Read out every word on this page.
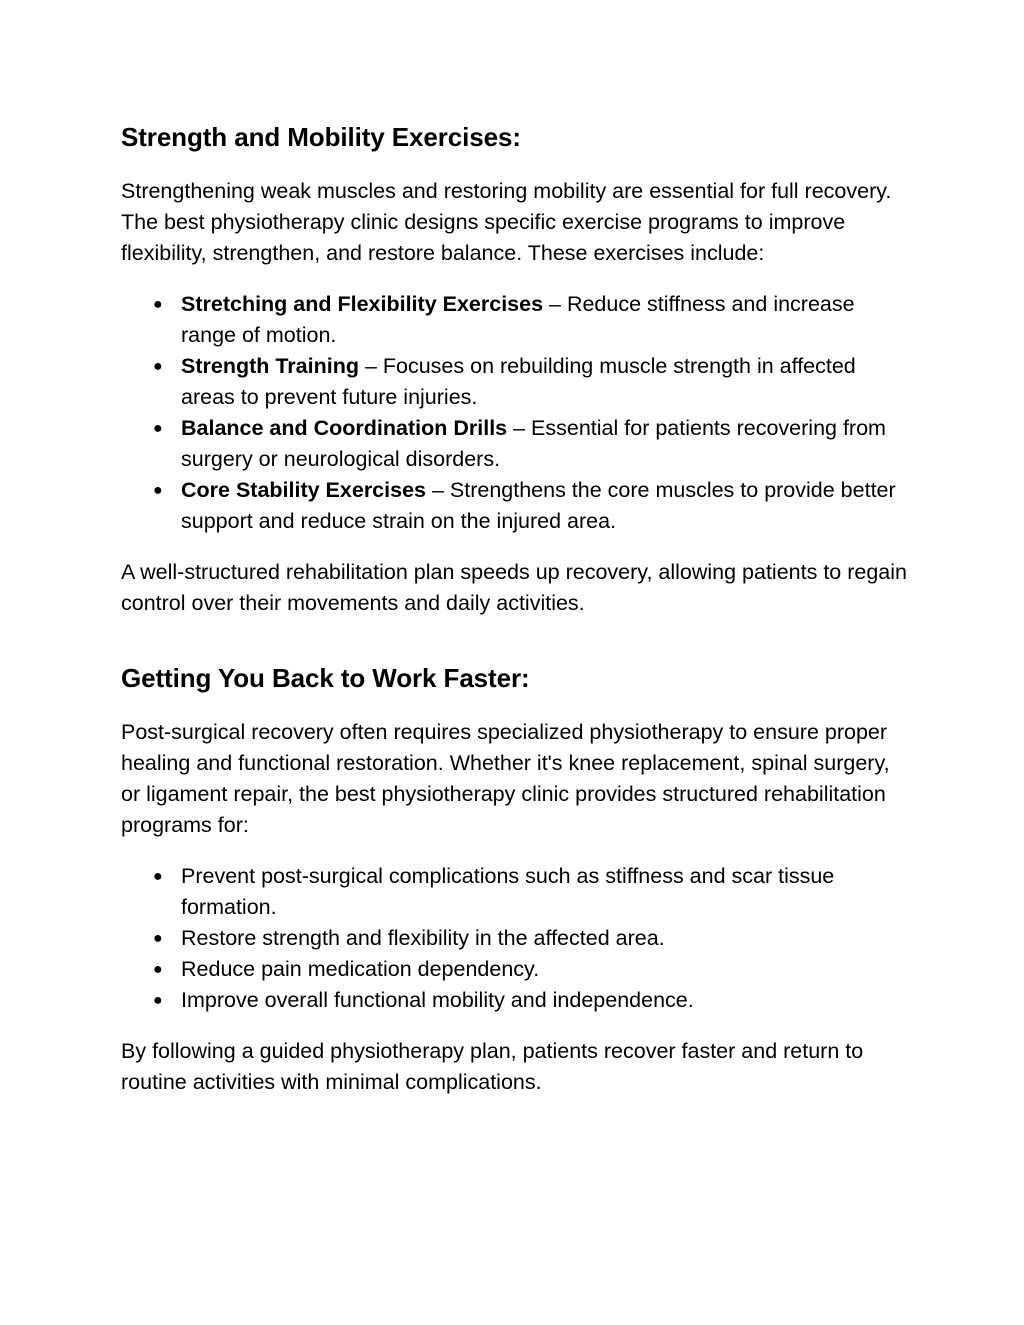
Strength and Mobility Exercises:

Strengthening weak muscles and restoring mobility are essential for full recovery. The best physiotherapy clinic designs specific exercise programs to improve flexibility, strengthen, and restore balance. These exercises include:

● Stretching and Flexibility Exercises – Reduce stiffness and increase range of motion.
● Strength Training – Focuses on rebuilding muscle strength in affected areas to prevent future injuries.
● Balance and Coordination Drills – Essential for patients recovering from surgery or neurological disorders.
● Core Stability Exercises – Strengthens the core muscles to provide better support and reduce strain on the injured area.

A well-structured rehabilitation plan speeds up recovery, allowing patients to regain control over their movements and daily activities.

Getting You Back to Work Faster:

Post-surgical recovery often requires specialized physiotherapy to ensure proper healing and functional restoration. Whether it's knee replacement, spinal surgery, or ligament repair, the best physiotherapy clinic provides structured rehabilitation programs for:

● Prevent post-surgical complications such as stiffness and scar tissue formation.
● Restore strength and flexibility in the affected area.
● Reduce pain medication dependency.
● Improve overall functional mobility and independence.

By following a guided physiotherapy plan, patients recover faster and return to routine activities with minimal complications.
